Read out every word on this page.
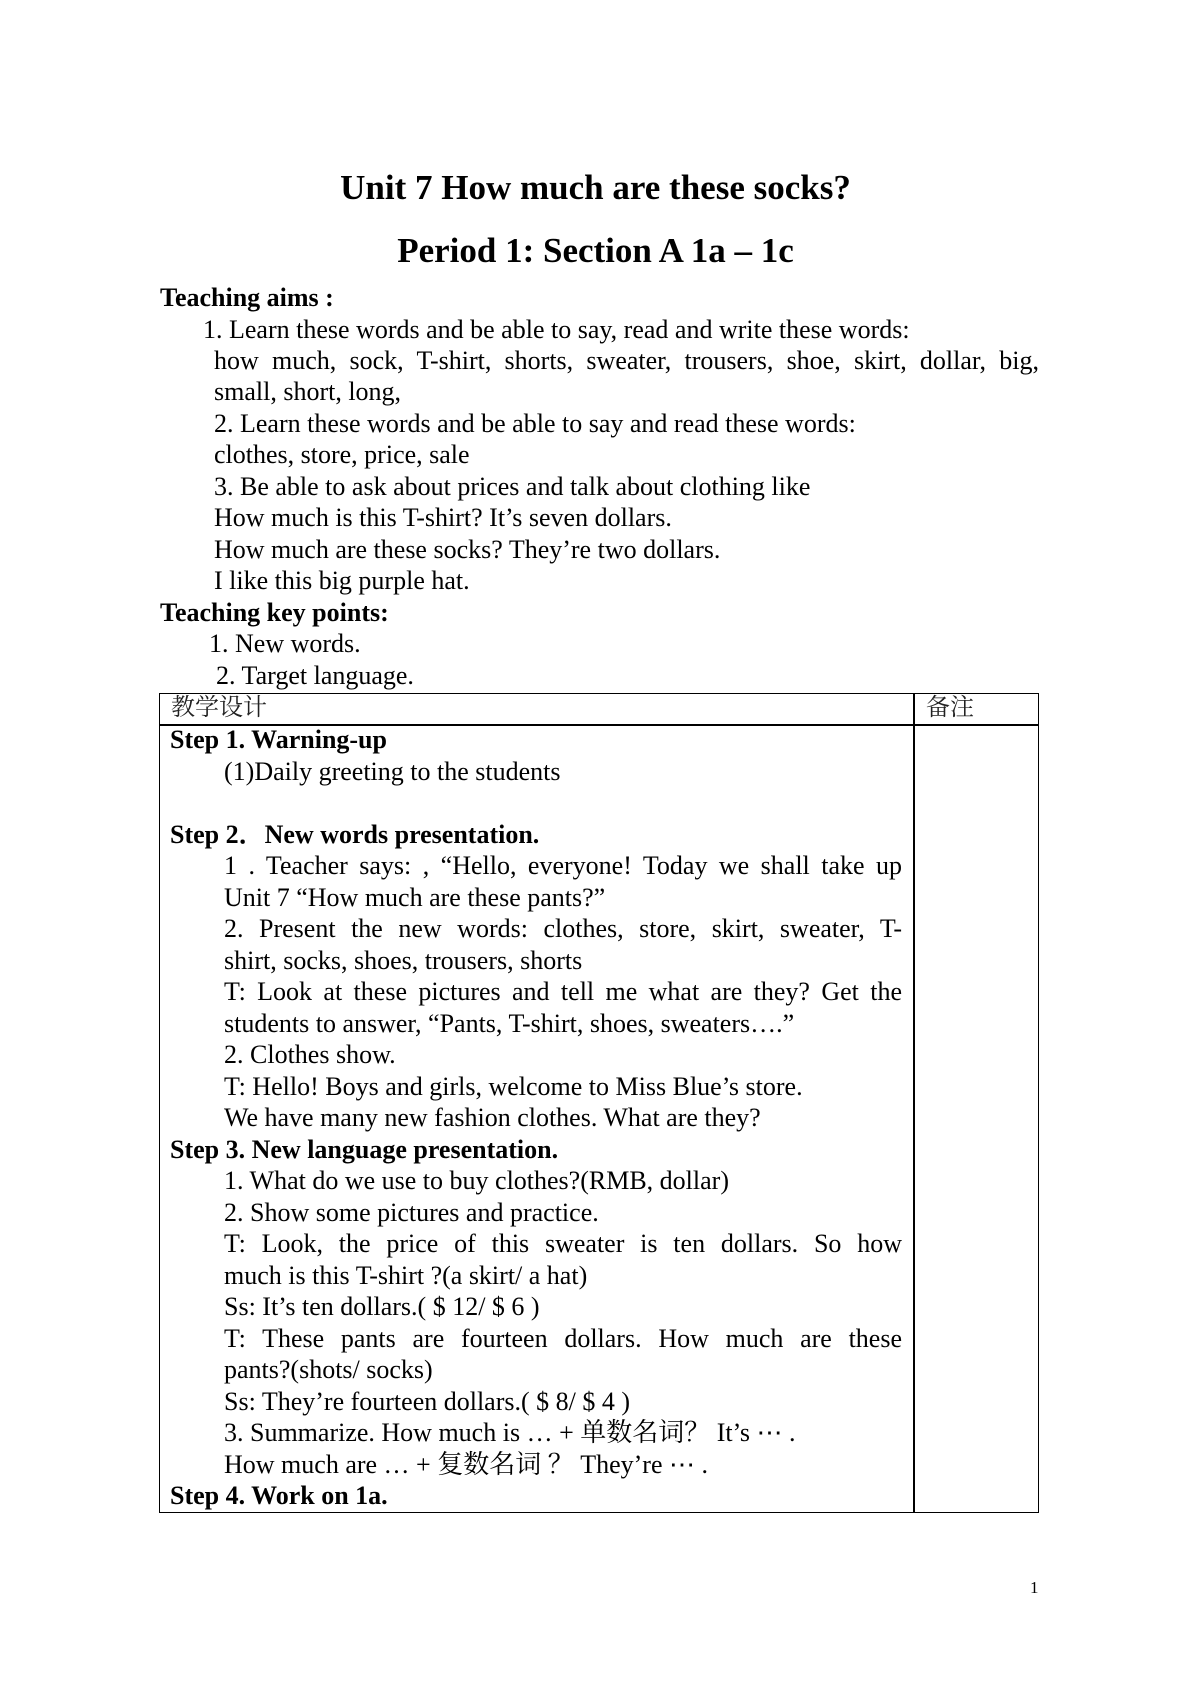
Unit 7 How much are these socks?
Period 1: Section A 1a – 1c
Teaching aims :
1. Learn these words and be able to say, read and write these words:
how much, sock, T-shirt, shorts, sweater, trousers, shoe, skirt, dollar, big,
small, short, long,
2. Learn these words and be able to say and read these words:
clothes, store, price, sale
3. Be able to ask about prices and talk about clothing like
How much is this T-shirt? It’s seven dollars.
How much are these socks? They’re two dollars.
I like this big purple hat.
Teaching key points:
1. New words.
2. Target language.
教学设计	备注
Step 1. Warning-up
(1)Daily greeting to the students
Step 2．New words presentation.
1 . Teacher says: , “Hello, everyone! Today we shall take up
Unit 7 “How much are these pants?”
2. Present the new words: clothes, store, skirt, sweater, T-
shirt, socks, shoes, trousers, shorts
T: Look at these pictures and tell me what are they? Get the
students to answer, “Pants, T-shirt, shoes, sweaters….”
2. Clothes show.
T: Hello! Boys and girls, welcome to Miss Blue’s store.
We have many new fashion clothes. What are they?
Step 3. New language presentation.
1. What do we use to buy clothes?(RMB, dollar)
2. Show some pictures and practice.
T: Look, the price of this sweater is ten dollars. So how
much is this T-shirt ?(a skirt/ a hat)
Ss: It’s ten dollars.( $ 12/ $ 6 )
T: These pants are fourteen dollars. How much are these
pants?(shots/ socks)
Ss: They’re fourteen dollars.( $ 8/ $ 4 )
3. Summarize. How much is … + 单数名词？ It’s ⋯ .
How much are … + 复数名词 ？ They’re ⋯ .
Step 4. Work on 1a.
1
